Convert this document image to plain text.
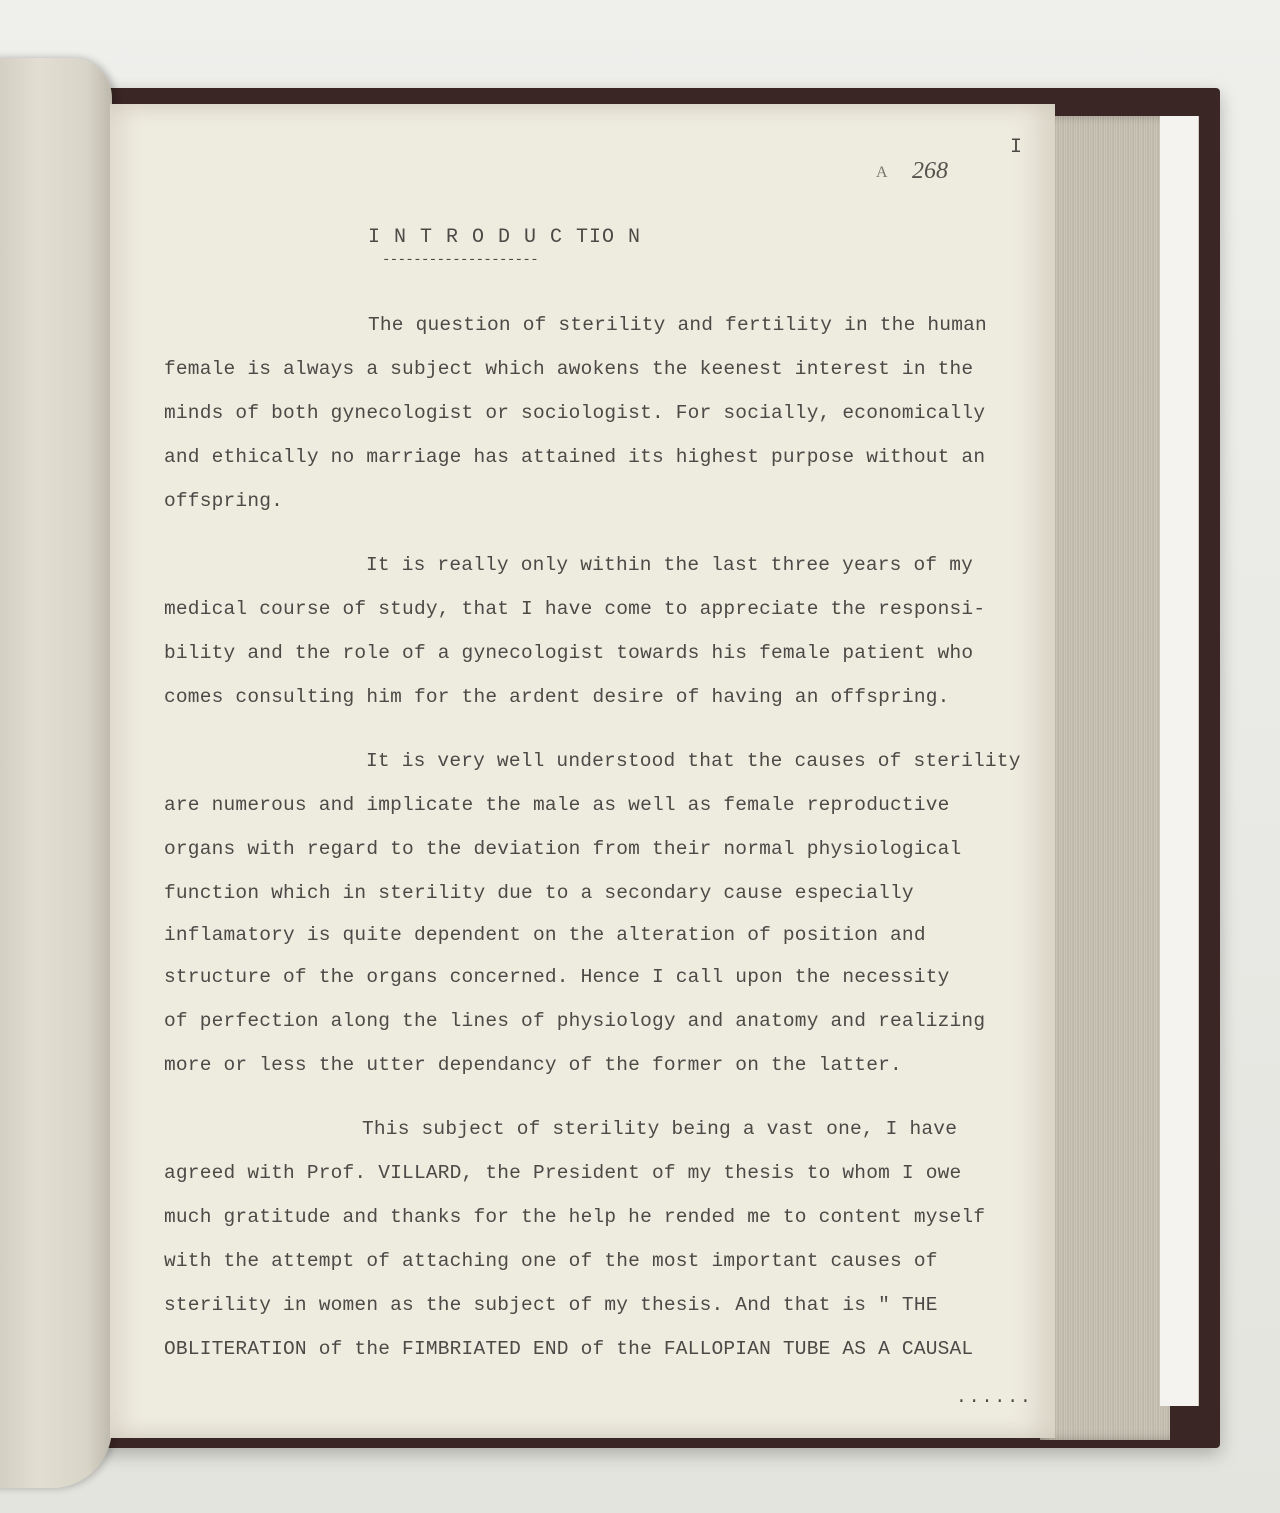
I
A 268
I N T R O D U C TIO N
--------------------
The question of sterility and fertility in the human
female is always a subject which awokens the keenest interest in the
minds of both gynecologist or sociologist. For socially, economically
and ethically no marriage has attained its highest purpose without an
offspring.
It is really only within the last three years of my
medical course of study, that I have come to appreciate the responsi-
bility and the role of a gynecologist towards his female patient who
comes consulting him for the ardent desire of having an offspring.
It is very well understood that the causes of sterility
are numerous and implicate the male as well as female reproductive
organs with regard to the deviation from their normal physiological
function which in sterility due to a secondary cause especially
inflamatory is quite dependent on the alteration of position and
structure of the organs concerned. Hence I call upon the necessity
of perfection along the lines of physiology and anatomy and realizing
more or less the utter dependancy of the former on the latter.
This subject of sterility being a vast one, I have
agreed with Prof. VILLARD, the President of my thesis to whom I owe
much gratitude and thanks for the help he rended me to content myself
with the attempt of attaching one of the most important causes of
sterility in women as the subject of my thesis. And that is " THE
OBLITERATION of the FIMBRIATED END of the FALLOPIAN TUBE AS A CAUSAL
......
